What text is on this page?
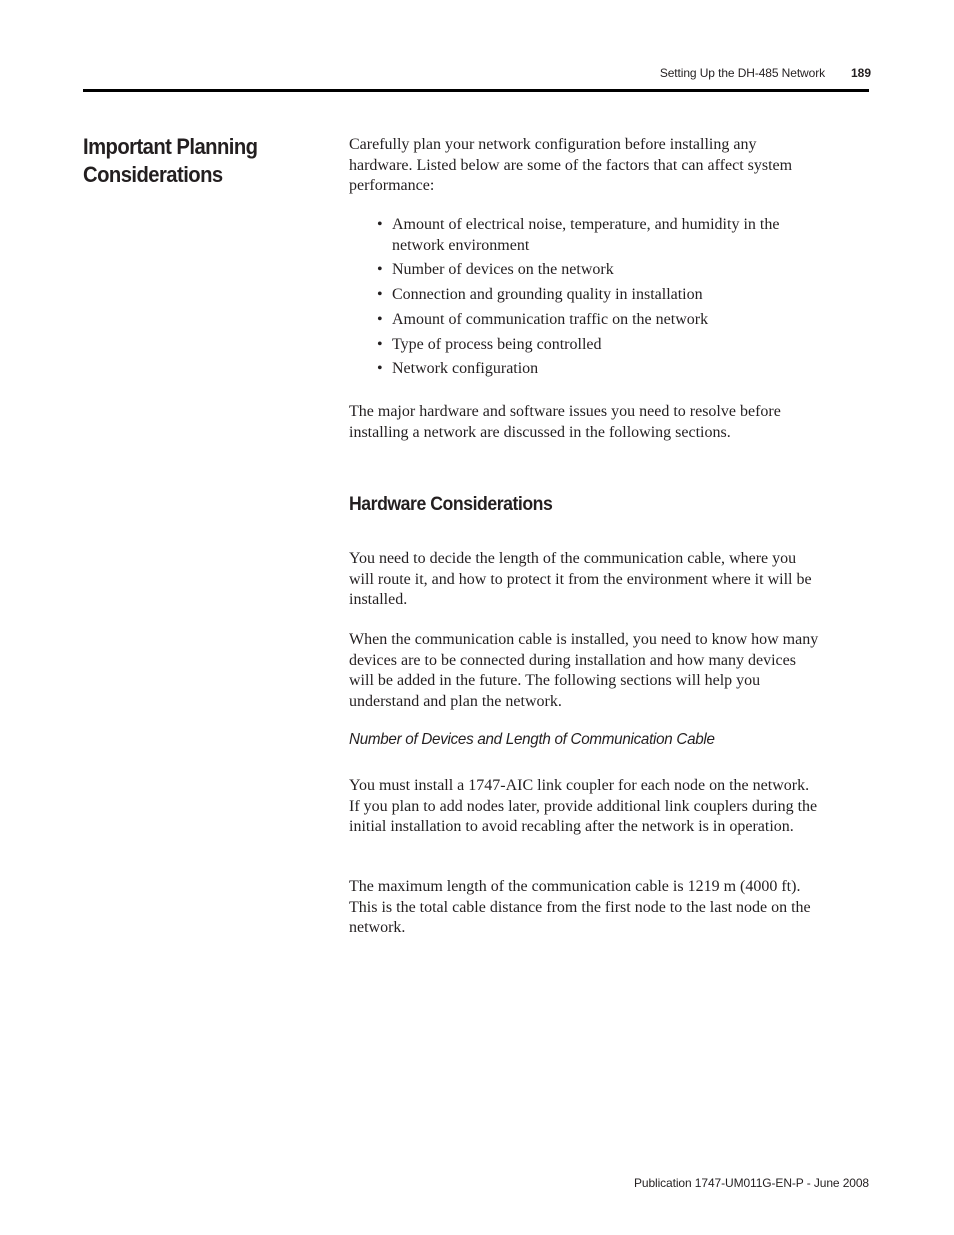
Setting Up the DH-485 Network 189
Important Planning
Considerations

Carefully plan your network configuration before installing any hardware. Listed below are some of the factors that can affect system performance:

• Amount of electrical noise, temperature, and humidity in the network environment
• Number of devices on the network
• Connection and grounding quality in installation
• Amount of communication traffic on the network
• Type of process being controlled
• Network configuration

The major hardware and software issues you need to resolve before installing a network are discussed in the following sections.

Hardware Considerations

You need to decide the length of the communication cable, where you will route it, and how to protect it from the environment where it will be installed.

When the communication cable is installed, you need to know how many devices are to be connected during installation and how many devices will be added in the future. The following sections will help you understand and plan the network.

Number of Devices and Length of Communication Cable

You must install a 1747-AIC link coupler for each node on the network. If you plan to add nodes later, provide additional link couplers during the initial installation to avoid recabling after the network is in operation.

The maximum length of the communication cable is 1219 m (4000 ft). This is the total cable distance from the first node to the last node on the network.

Publication 1747-UM011G-EN-P - June 2008
